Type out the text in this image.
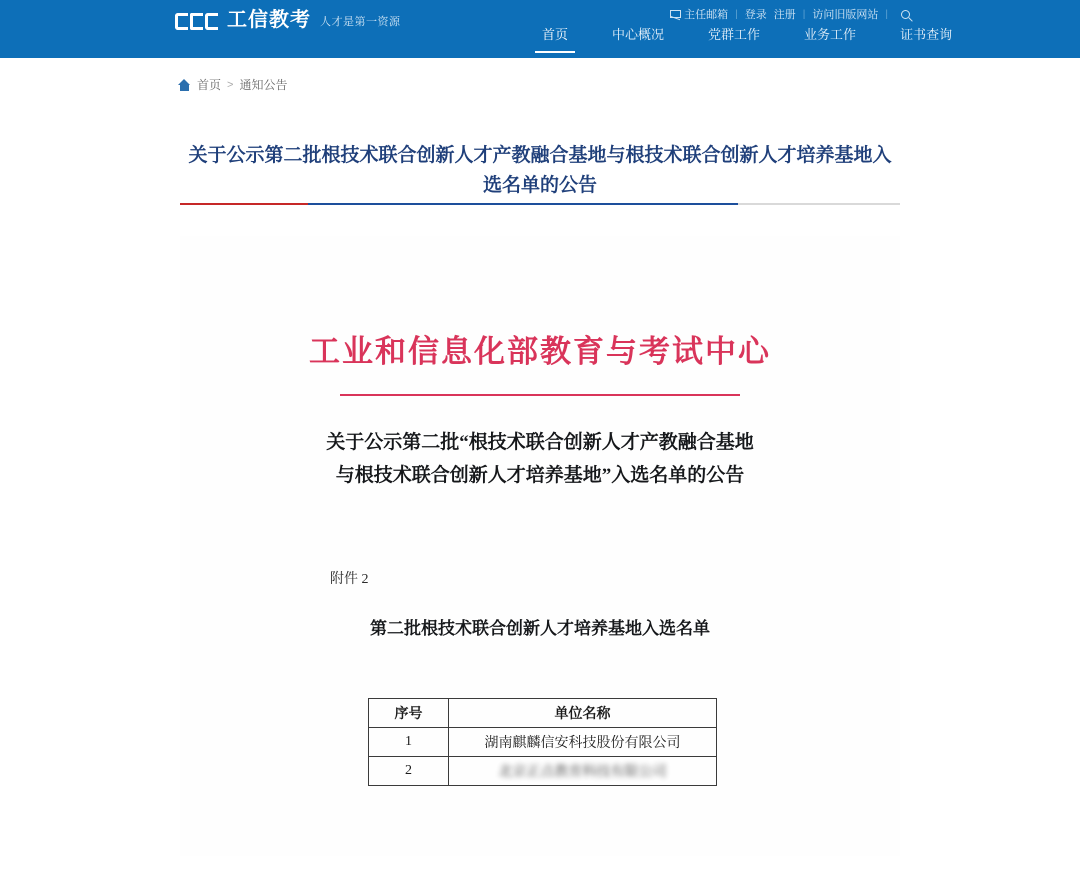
主任邮箱 | 登录 注册 | 访问旧版网站 |
工信教考 人才是第一资源
首页	中心概况	党群工作	业务工作	证书查询
首页 > 通知公告
关于公示第二批根技术联合创新人才产教融合基地与根技术联合创新人才培养基地入选名单的公告
工业和信息化部教育与考试中心
关于公示第二批“根技术联合创新人才产教融合基地与根技术联合创新人才培养基地”入选名单的公告
附件 2
第二批根技术联合创新人才培养基地入选名单
序号	单位名称
1	湖南麒麟信安科技股份有限公司
2	北京正点教育科技有限公司
